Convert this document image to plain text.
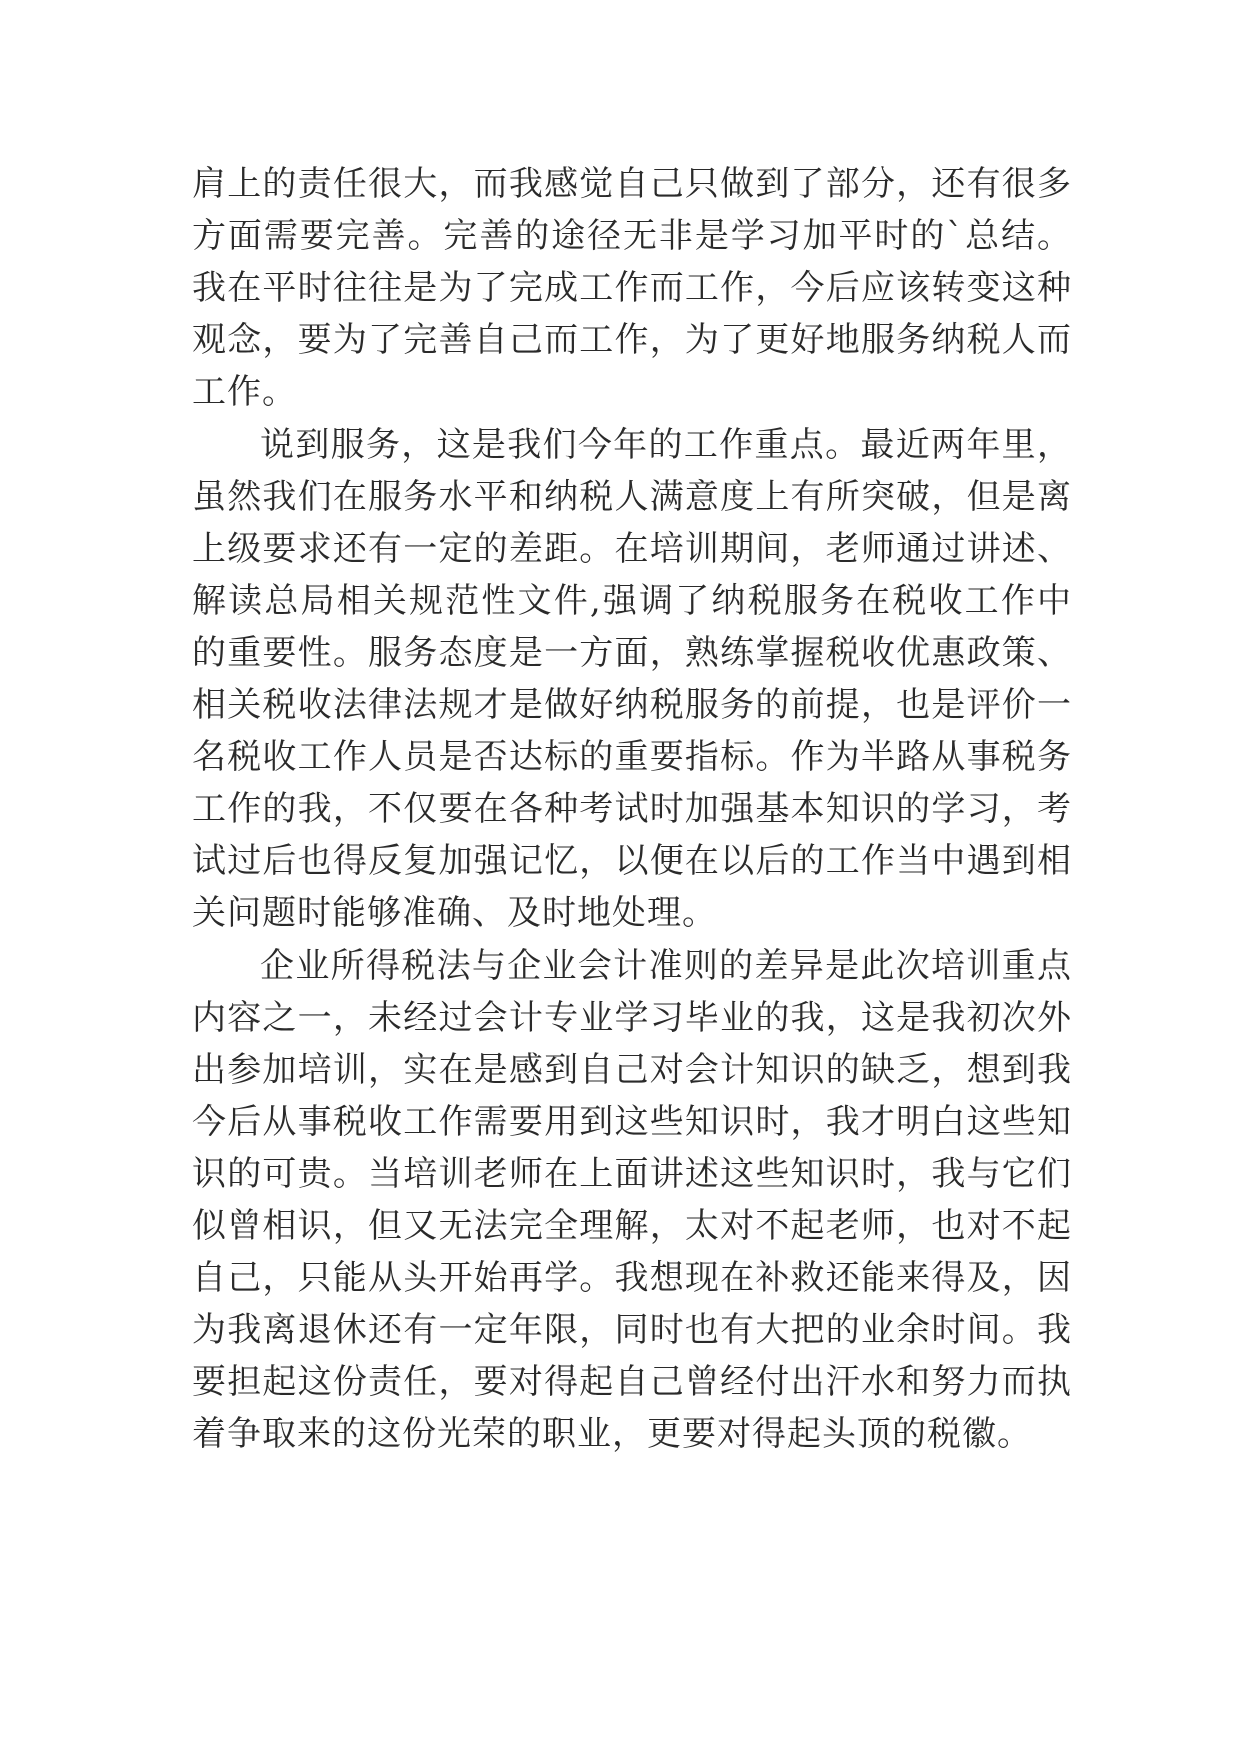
肩上的责任很大，而我感觉自己只做到了部分，还有很多方面需要完善。完善的途径无非是学习加平时的`总结。我在平时往往是为了完成工作而工作，今后应该转变这种观念，要为了完善自己而工作，为了更好地服务纳税人而工作。

说到服务，这是我们今年的工作重点。最近两年里，虽然我们在服务水平和纳税人满意度上有所突破，但是离上级要求还有一定的差距。在培训期间，老师通过讲述、解读总局相关规范性文件,强调了纳税服务在税收工作中的重要性。服务态度是一方面，熟练掌握税收优惠政策、相关税收法律法规才是做好纳税服务的前提，也是评价一名税收工作人员是否达标的重要指标。作为半路从事税务工作的我，不仅要在各种考试时加强基本知识的学习，考试过后也得反复加强记忆，以便在以后的工作当中遇到相关问题时能够准确、及时地处理。

企业所得税法与企业会计准则的差异是此次培训重点内容之一，未经过会计专业学习毕业的我，这是我初次外出参加培训，实在是感到自己对会计知识的缺乏，想到我今后从事税收工作需要用到这些知识时，我才明白这些知识的可贵。当培训老师在上面讲述这些知识时，我与它们似曾相识，但又无法完全理解，太对不起老师，也对不起自己，只能从头开始再学。我想现在补救还能来得及，因为我离退休还有一定年限，同时也有大把的业余时间。我要担起这份责任，要对得起自己曾经付出汗水和努力而执着争取来的这份光荣的职业，更要对得起头顶的税徽。
